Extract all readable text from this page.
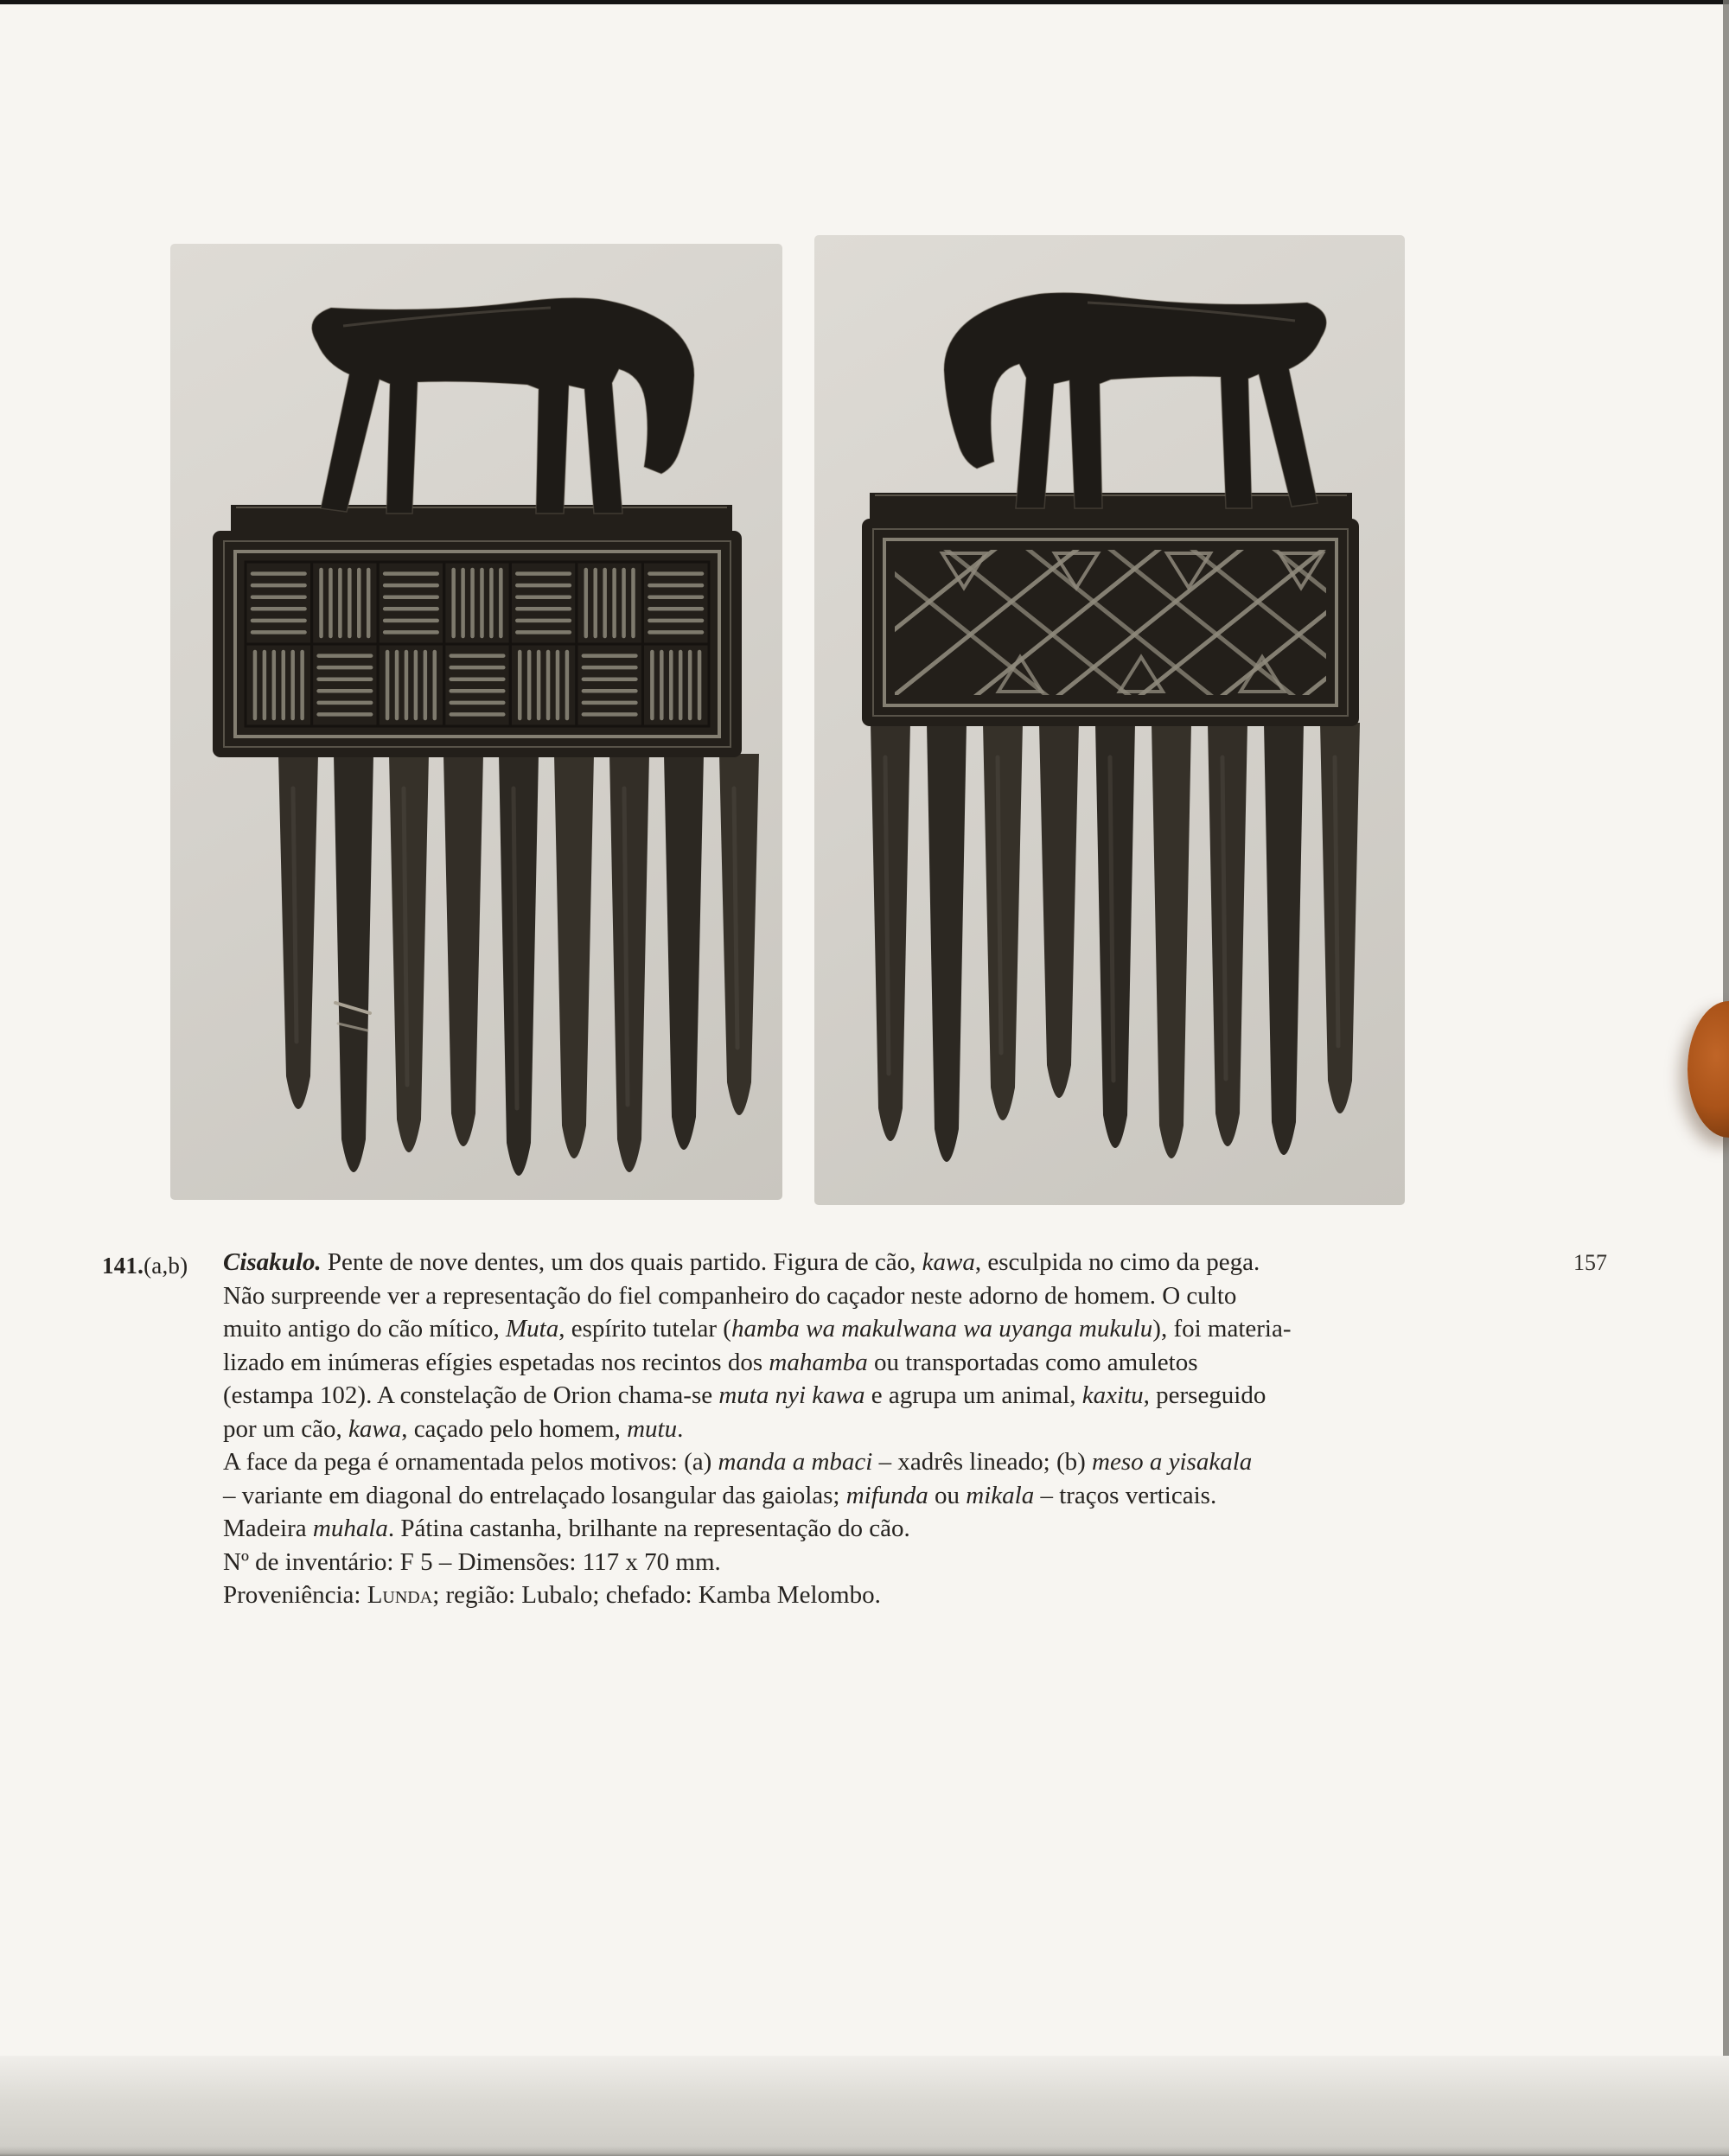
141.(a,b)	Cisakulo. Pente de nove dentes, um dos quais partido. Figura de cão, kawa, esculpida no cimo da pega.
Não surpreende ver a representação do fiel companheiro do caçador neste adorno de homem. O culto
muito antigo do cão mítico, Muta, espírito tutelar (hamba wa makulwana wa uyanga mukulu), foi materia-
lizado em inúmeras efígies espetadas nos recintos dos mahamba ou transportadas como amuletos
(estampa 102). A constelação de Orion chama-se muta nyi kawa e agrupa um animal, kaxitu, perseguido
por um cão, kawa, caçado pelo homem, mutu.
A face da pega é ornamentada pelos motivos: (a) manda a mbaci – xadrês lineado; (b) meso a yisakala
– variante em diagonal do entrelaçado losangular das gaiolas; mifunda ou mikala – traços verticais.
Madeira muhala. Pátina castanha, brilhante na representação do cão.
Nº de inventário: F 5 – Dimensões: 117 x 70 mm.
Proveniência: Lunda; região: Lubalo; chefado: Kamba Melombo.
157
